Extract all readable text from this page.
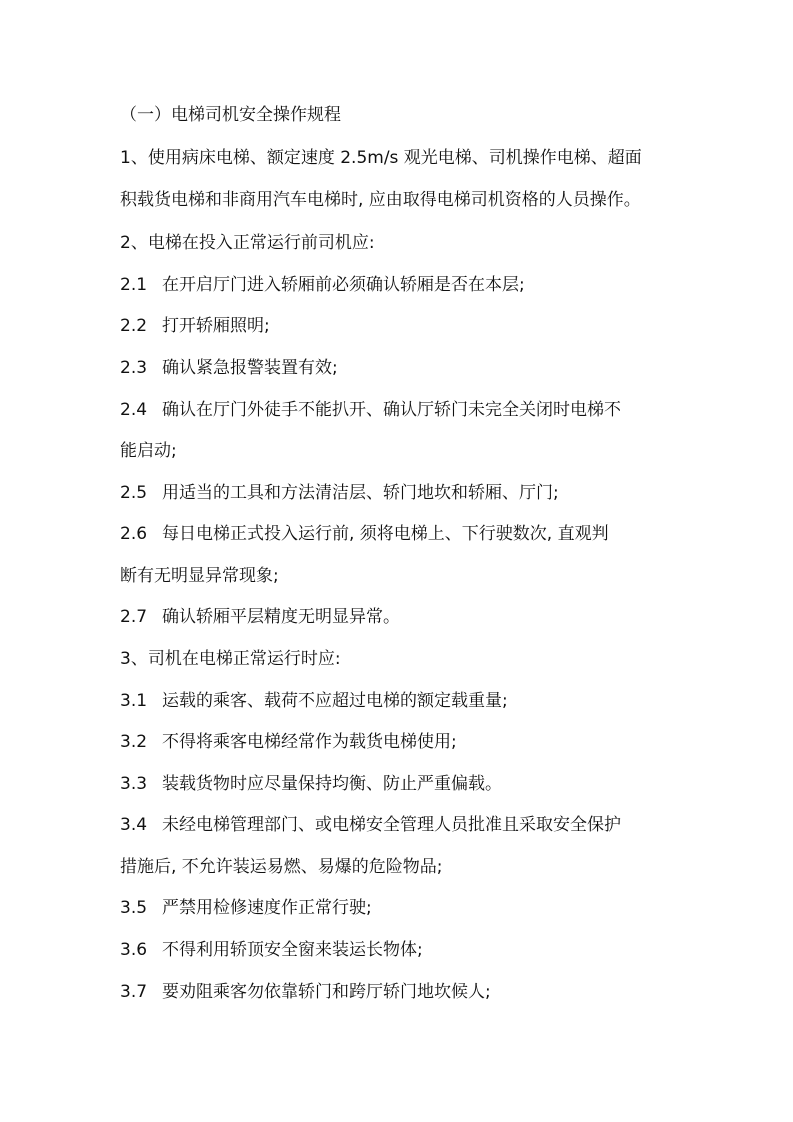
（一）电梯司机安全操作规程
1、使用病床电梯、额定速度 2.5m/s 观光电梯、司机操作电梯、超面
积载货电梯和非商用汽车电梯时, 应由取得电梯司机资格的人员操作。
2、电梯在投入正常运行前司机应:
2.1 在开启厅门进入轿厢前必须确认轿厢是否在本层;
2.2 打开轿厢照明;
2.3 确认紧急报警装置有效;
2.4 确认在厅门外徒手不能扒开、确认厅轿门未完全关闭时电梯不
能启动;
2.5 用适当的工具和方法清洁层、轿门地坎和轿厢、厅门;
2.6 每日电梯正式投入运行前, 须将电梯上、下行驶数次, 直观判
断有无明显异常现象;
2.7 确认轿厢平层精度无明显异常。
3、司机在电梯正常运行时应:
3.1 运载的乘客、载荷不应超过电梯的额定载重量;
3.2 不得将乘客电梯经常作为载货电梯使用;
3.3 装载货物时应尽量保持均衡、防止严重偏载。
3.4 未经电梯管理部门、或电梯安全管理人员批准且采取安全保护
措施后, 不允许装运易燃、易爆的危险物品;
3.5 严禁用检修速度作正常行驶;
3.6 不得利用轿顶安全窗来装运长物体;
3.7 要劝阻乘客勿依靠轿门和跨厅轿门地坎候人;
